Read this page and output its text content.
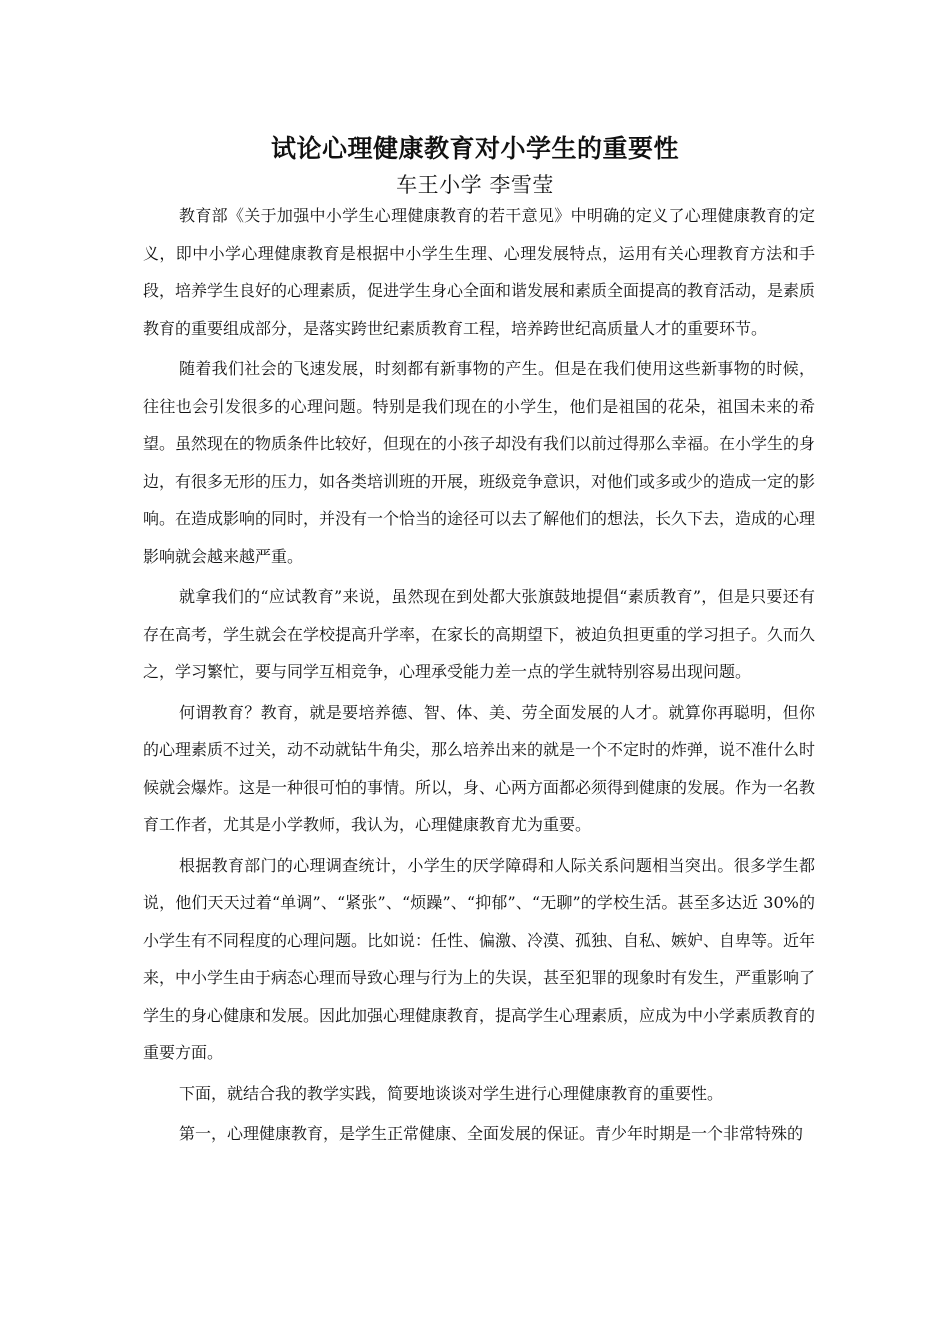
试论心理健康教育对小学生的重要性
车王小学 李雪莹

教育部《关于加强中小学生心理健康教育的若干意见》中明确的定义了心理健康教育的定义，即中小学心理健康教育是根据中小学生生理、心理发展特点，运用有关心理教育方法和手段，培养学生良好的心理素质，促进学生身心全面和谐发展和素质全面提高的教育活动，是素质教育的重要组成部分，是落实跨世纪素质教育工程，培养跨世纪高质量人才的重要环节。

随着我们社会的飞速发展，时刻都有新事物的产生。但是在我们使用这些新事物的时候，往往也会引发很多的心理问题。特别是我们现在的小学生，他们是祖国的花朵，祖国未来的希望。虽然现在的物质条件比较好，但现在的小孩子却没有我们以前过得那么幸福。在小学生的身边，有很多无形的压力，如各类培训班的开展，班级竞争意识，对他们或多或少的造成一定的影响。在造成影响的同时，并没有一个恰当的途径可以去了解他们的想法，长久下去，造成的心理影响就会越来越严重。

就拿我们的“应试教育”来说，虽然现在到处都大张旗鼓地提倡“素质教育”，但是只要还有存在高考，学生就会在学校提高升学率，在家长的高期望下，被迫负担更重的学习担子。久而久之，学习繁忙，要与同学互相竞争，心理承受能力差一点的学生就特别容易出现问题。

何谓教育？教育，就是要培养德、智、体、美、劳全面发展的人才。就算你再聪明，但你的心理素质不过关，动不动就钻牛角尖，那么培养出来的就是一个不定时的炸弹，说不准什么时候就会爆炸。这是一种很可怕的事情。所以，身、心两方面都必须得到健康的发展。作为一名教育工作者，尤其是小学教师，我认为，心理健康教育尤为重要。

根据教育部门的心理调查统计，小学生的厌学障碍和人际关系问题相当突出。很多学生都说，他们天天过着“单调”、“紧张”、“烦躁”、“抑郁”、“无聊”的学校生活。甚至多达近 30%的小学生有不同程度的心理问题。比如说：任性、偏激、冷漠、孤独、自私、嫉妒、自卑等。近年来，中小学生由于病态心理而导致心理与行为上的失误，甚至犯罪的现象时有发生，严重影响了学生的身心健康和发展。因此加强心理健康教育，提高学生心理素质，应成为中小学素质教育的重要方面。

下面，就结合我的教学实践，简要地谈谈对学生进行心理健康教育的重要性。

第一，心理健康教育，是学生正常健康、全面发展的保证。青少年时期是一个非常特殊的
